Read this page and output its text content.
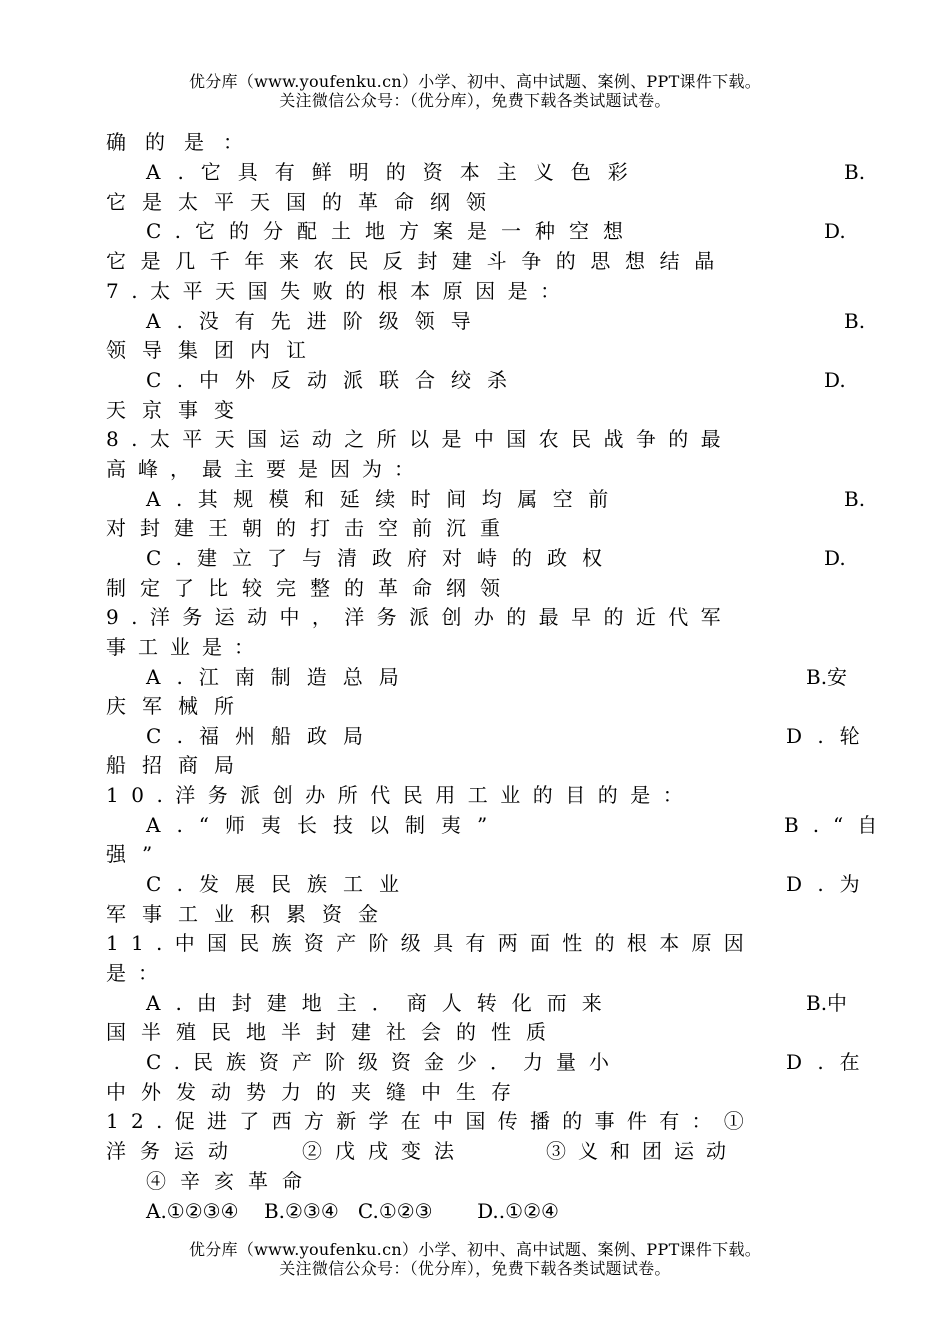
优分库（www.youfenku.cn）小学、初中、高中试题、案例、PPT课件下载。
关注微信公众号：（优分库），免费下载各类试题试卷。
确的是：
A.它具有鲜明的资本主义色彩	B.
它是太平天国的革命纲领
C.它的分配土地方案是一种空想	D.
它是几千年来农民反封建斗争的思想结晶
7.太平天国失败的根本原因是：
A.没有先进阶级领导	B.
领导集团内讧
C.中外反动派联合绞杀	D.
天京事变
8.太平天国运动之所以是中国农民战争的最
高峰，最主要是因为：
A.其规模和延续时间均属空前	B.
对封建王朝的打击空前沉重
C.建立了与清政府对峙的政权	D.
制定了比较完整的革命纲领
9.洋务运动中，洋务派创办的最早的近代军
事工业是：
A.江南制造总局	B.安
庆军械所
C.福州船政局	D.轮
船招商局
10.洋务派创办所代民用工业的目的是：
A.“师夷长技以制夷”	B.“自
强”
C.发展民族工业	D.为
军事工业积累资金
11.中国民族资产阶级具有两面性的根本原因
是：
A.由封建地主．商人转化而来	B.中
国半殖民地半封建社会的性质
C.民族资产阶级资金少．力量小	D.在
中外发动势力的夹缝中生存
12.促进了西方新学在中国传播的事件有：①
洋务运动	②戊戌变法	③义和团运动
④辛亥革命
A.①②③④    B.②③④   C.①②③       D..①②④
优分库（www.youfenku.cn）小学、初中、高中试题、案例、PPT课件下载。
关注微信公众号：（优分库），免费下载各类试题试卷。
